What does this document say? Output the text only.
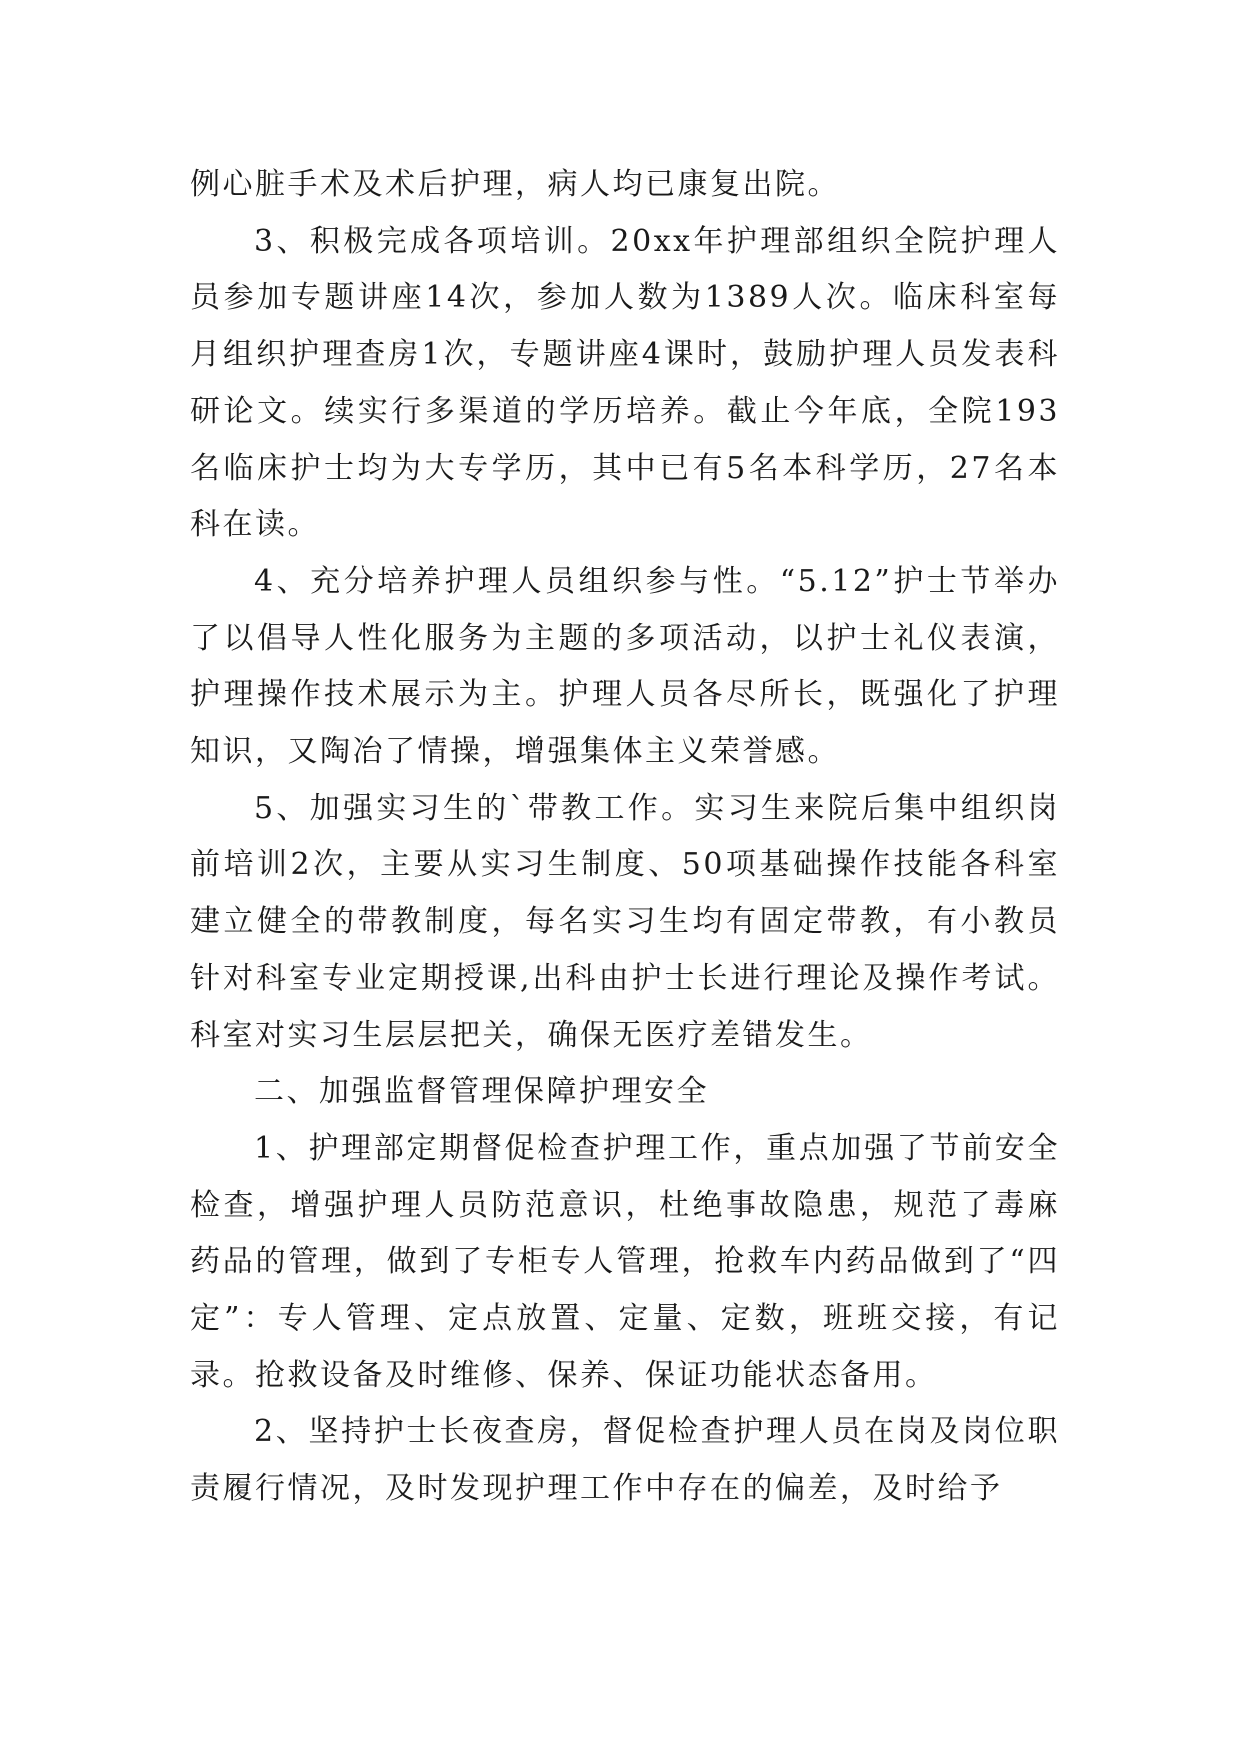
例心脏手术及术后护理，病人均已康复出院。

3、积极完成各项培训。20xx年护理部组织全院护理人员参加专题讲座14次，参加人数为1389人次。临床科室每月组织护理查房1次，专题讲座4课时，鼓励护理人员发表科研论文。续实行多渠道的学历培养。截止今年底，全院193名临床护士均为大专学历，其中已有5名本科学历，27名本科在读。

4、充分培养护理人员组织参与性。“5.12”护士节举办了以倡导人性化服务为主题的多项活动，以护士礼仪表演，护理操作技术展示为主。护理人员各尽所长，既强化了护理知识，又陶冶了情操，增强集体主义荣誉感。

5、加强实习生的`带教工作。实习生来院后集中组织岗前培训2次，主要从实习生制度、50项基础操作技能各科室建立健全的带教制度，每名实习生均有固定带教，有小教员针对科室专业定期授课,出科由护士长进行理论及操作考试。科室对实习生层层把关，确保无医疗差错发生。

二、加强监督管理保障护理安全

1、护理部定期督促检查护理工作，重点加强了节前安全检查，增强护理人员防范意识，杜绝事故隐患，规范了毒麻药品的管理，做到了专柜专人管理，抢救车内药品做到了“四定”：专人管理、定点放置、定量、定数，班班交接，有记录。抢救设备及时维修、保养、保证功能状态备用。

2、坚持护士长夜查房，督促检查护理人员在岗及岗位职责履行情况，及时发现护理工作中存在的偏差，及时给予
